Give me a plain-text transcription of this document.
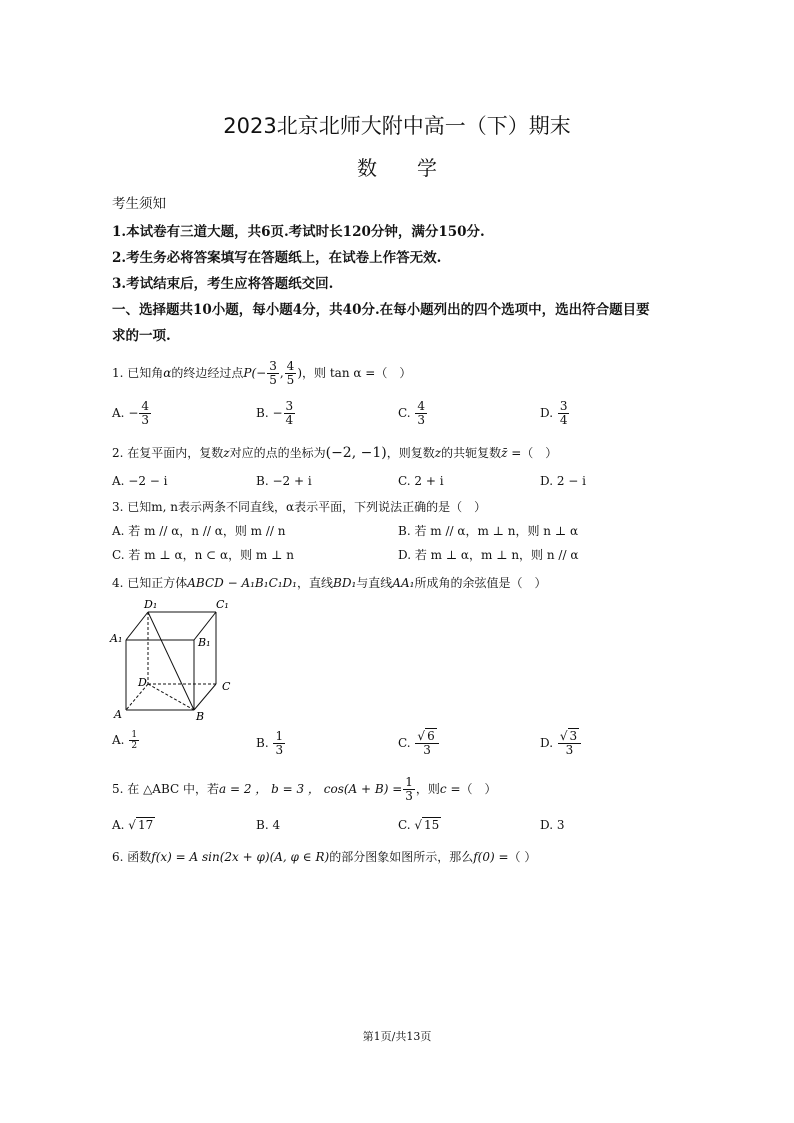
2023北京北师大附中高一（下）期末
数学
考生须知
1.本试卷有三道大题，共6页.考试时长120分钟，满分150分.
2.考生务必将答案填写在答题纸上，在试卷上作答无效.
3.考试结束后，考生应将答题纸交回.
一、选择题共10小题，每小题4分，共40分.在每小题列出的四个选项中，选出符合题目要
求的一项.
1. 已知角α的终边经过点$P(- \frac{3}{5}$ , $\frac{4}{5}$ )，则 tan α =（　）
A. − $\frac{4}{3}$	B. − $\frac{3}{4}$	C. $\frac{4}{3}$	D. $\frac{3}{4}$
2. 在复平面内，复数z对应的点的坐标为(−2, −1)，则复数z的共轭复数z̄ =（　）
A. −2 − i	B. −2 + i	C. 2 + i	D. 2 − i
3. 已知m, n表示两条不同直线，α表示平面，下列说法正确的是（　）
A. 若 m // α，n // α，则 m // n	B. 若 m // α，m ⊥ n，则 n ⊥ α
C. 若 m ⊥ α，n ⊂ α，则 m ⊥ n	D. 若 m ⊥ α，m ⊥ n，则 n // α
4. 已知正方体ABCD − A₁B₁C₁D₁，直线BD₁与直线AA₁所成角的余弦值是（　）
D₁	C₁
A₁	B₁
D	C
A	B
A. $\frac{1}{2}$	B. $\frac{1}{3}$	C. $\frac{√ 6}{3}$	D. $\frac{√ 3}{3}$
5. 在 △ABC 中，若a = 2 ， b = 3 ， $\cos(A + B) = \frac{1}{3}$ ，则c =（　）
A. √ 17	B. 4	C. √ 15	D. 3
6. 函数f(x) = A sin(2x + φ)(A, φ ∈ R)的部分图象如图所示，那么f(0) =（ ）
第1页/共13页
